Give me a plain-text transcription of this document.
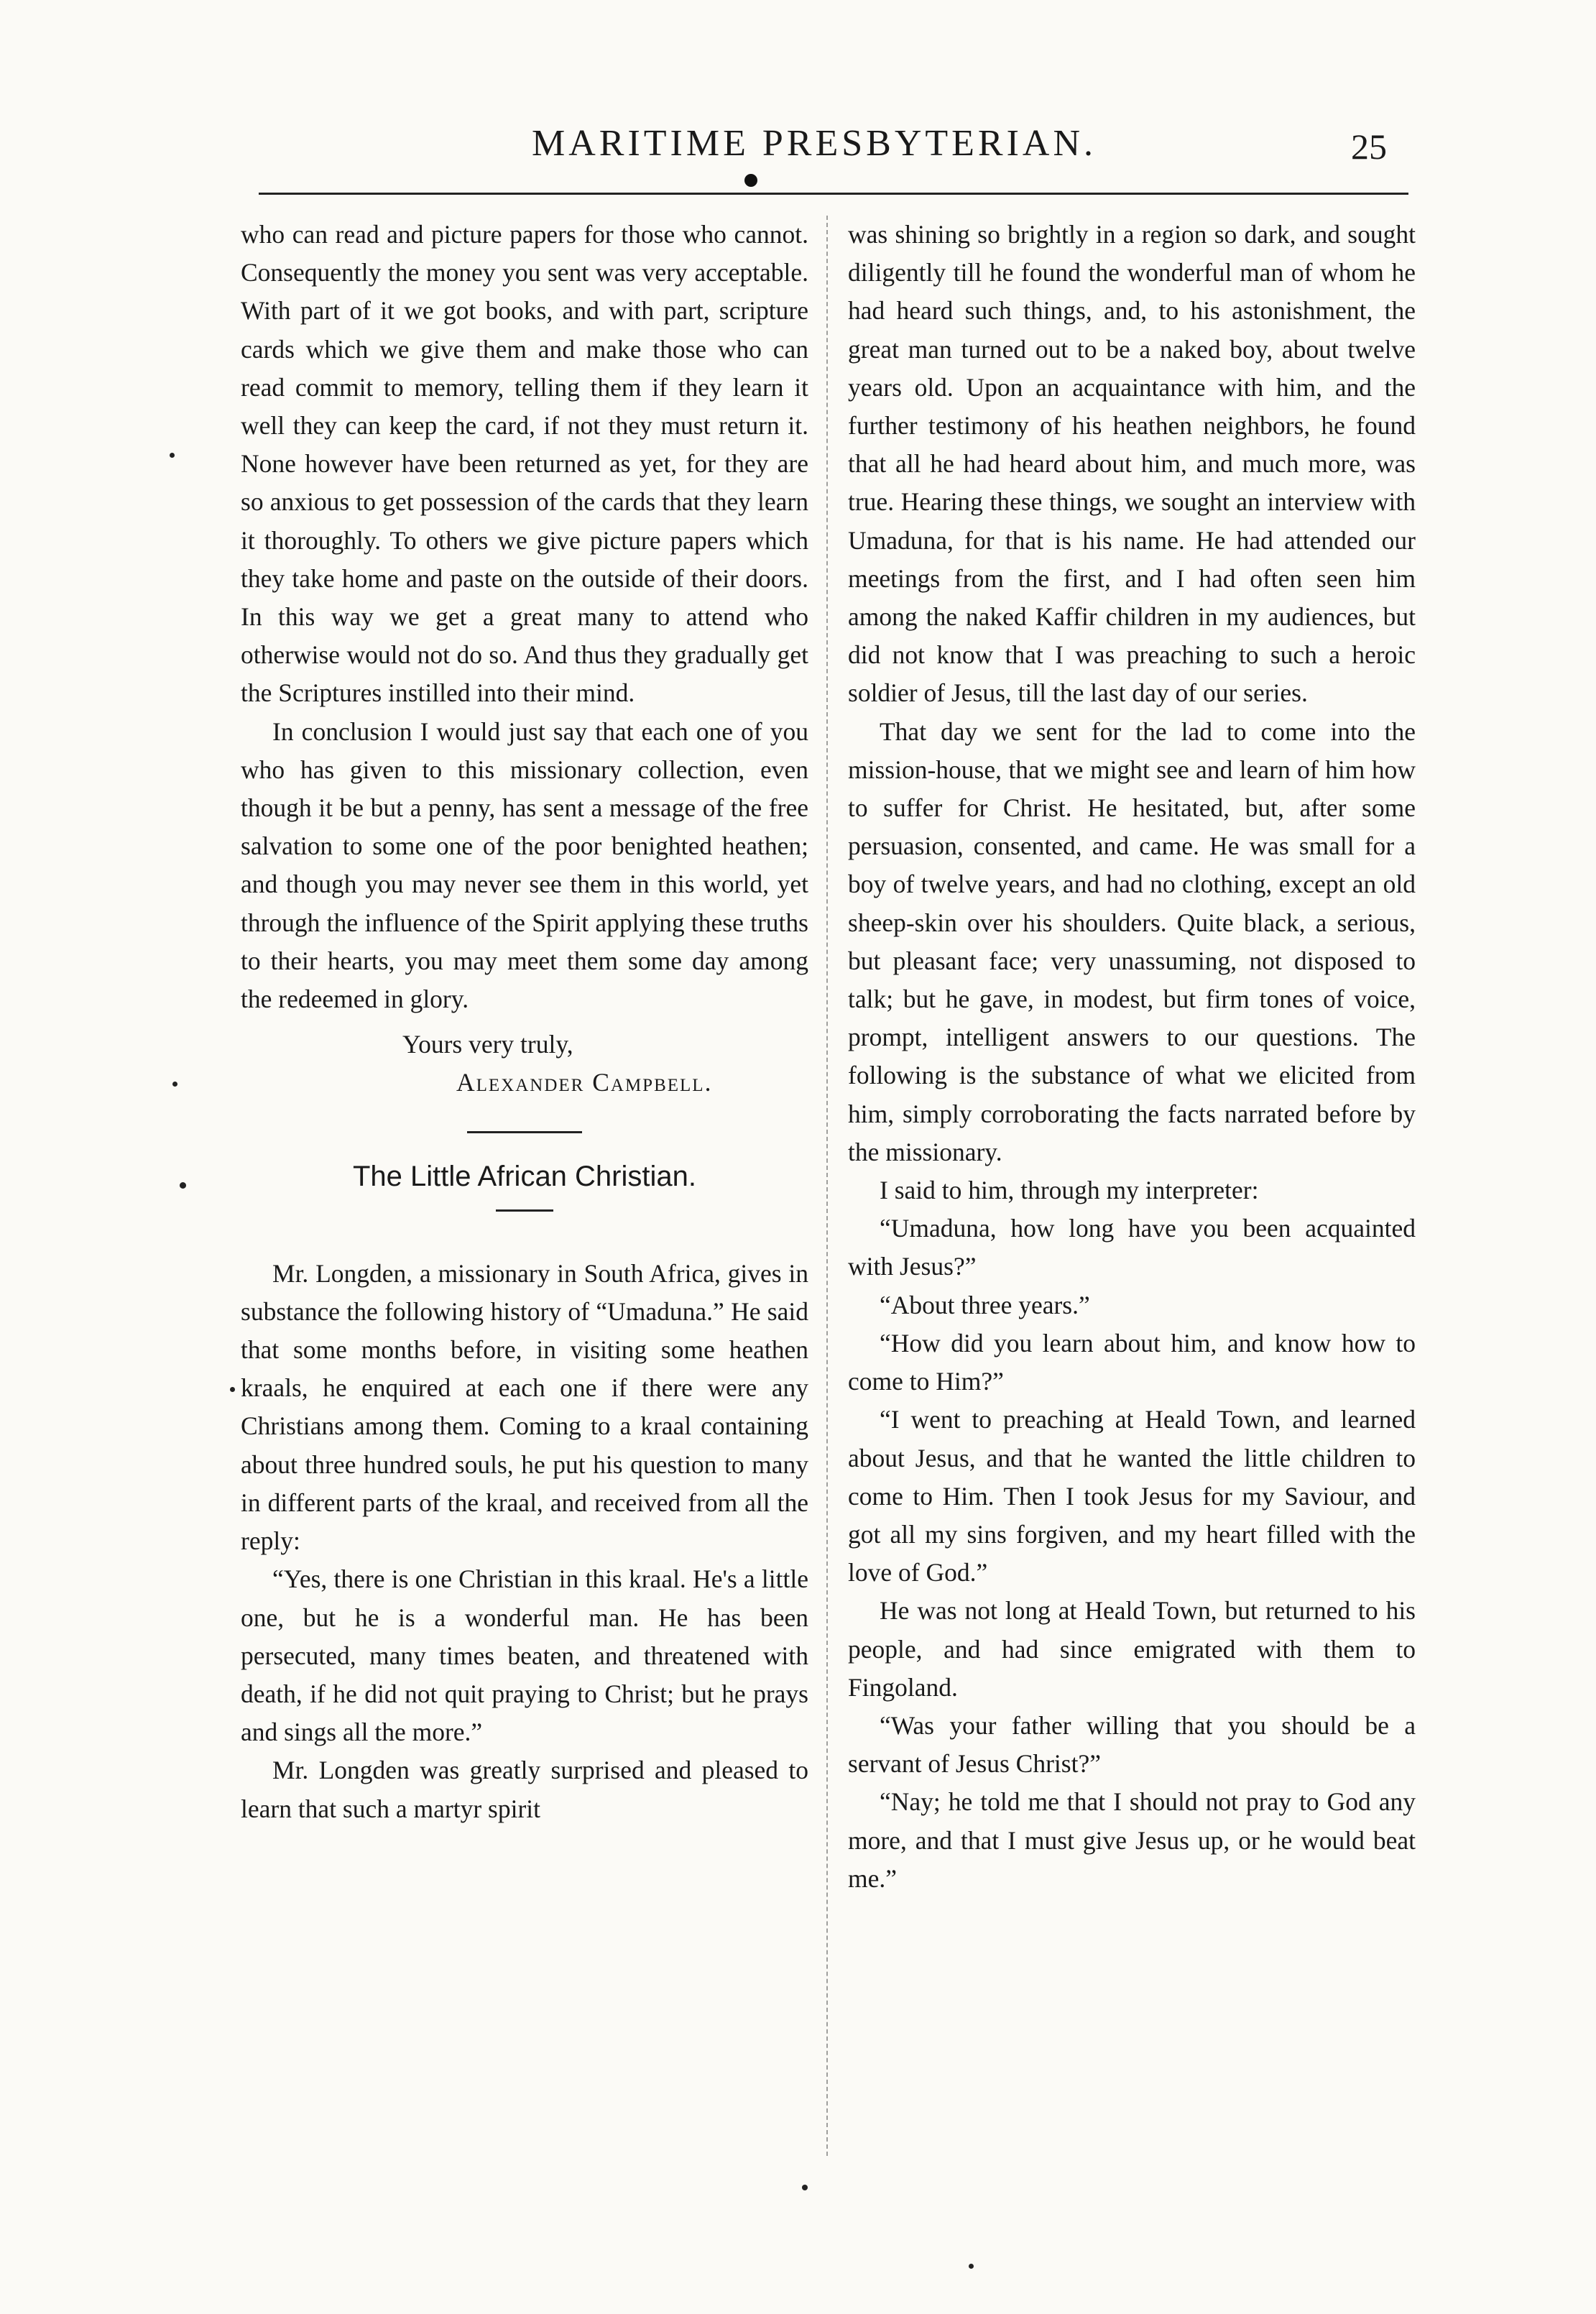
MARITIME PRESBYTERIAN.	25

who can read and picture papers for those who cannot. Consequently the money you sent was very acceptable. With part of it we got books, and with part, scripture cards which we give them and make those who can read commit to memory, telling them if they learn it well they can keep the card, if not they must return it. None however have been returned as yet, for they are so anxious to get possession of the cards that they learn it thoroughly. To others we give picture papers which they take home and paste on the outside of their doors. In this way we get a great many to attend who otherwise would not do so. And thus they gradually get the Scriptures instilled into their mind.

In conclusion I would just say that each one of you who has given to this missionary collection, even though it be but a penny, has sent a message of the free salvation to some one of the poor benighted heathen; and though you may never see them in this world, yet through the influence of the Spirit applying these truths to their hearts, you may meet them some day among the redeemed in glory.

Yours very truly,

Alexander Campbell.

The Little African Christian.

Mr. Longden, a missionary in South Africa, gives in substance the following history of “Umaduna.” He said that some months before, in visiting some heathen kraals, he enquired at each one if there were any Christians among them. Coming to a kraal containing about three hundred souls, he put his question to many in different parts of the kraal, and received from all the reply:

“Yes, there is one Christian in this kraal. He's a little one, but he is a wonderful man. He has been persecuted, many times beaten, and threatened with death, if he did not quit praying to Christ; but he prays and sings all the more.”

Mr. Longden was greatly surprised and pleased to learn that such a martyr spirit

was shining so brightly in a region so dark, and sought diligently till he found the wonderful man of whom he had heard such things, and, to his astonishment, the great man turned out to be a naked boy, about twelve years old. Upon an acquaintance with him, and the further testimony of his heathen neighbors, he found that all he had heard about him, and much more, was true. Hearing these things, we sought an interview with Umaduna, for that is his name. He had attended our meetings from the first, and I had often seen him among the naked Kaffir children in my audiences, but did not know that I was preaching to such a heroic soldier of Jesus, till the last day of our series.

That day we sent for the lad to come into the mission-house, that we might see and learn of him how to suffer for Christ. He hesitated, but, after some persuasion, consented, and came. He was small for a boy of twelve years, and had no clothing, except an old sheep-skin over his shoulders. Quite black, a serious, but pleasant face; very unassuming, not disposed to talk; but he gave, in modest, but firm tones of voice, prompt, intelligent answers to our questions. The following is the substance of what we elicited from him, simply corroborating the facts narrated before by the missionary.

I said to him, through my interpreter:

“Umaduna, how long have you been acquainted with Jesus?”

“About three years.”

“How did you learn about him, and know how to come to Him?”

“I went to preaching at Heald Town, and learned about Jesus, and that he wanted the little children to come to Him. Then I took Jesus for my Saviour, and got all my sins forgiven, and my heart filled with the love of God.”

He was not long at Heald Town, but returned to his people, and had since emigrated with them to Fingoland.

“Was your father willing that you should be a servant of Jesus Christ?”

“Nay; he told me that I should not pray to God any more, and that I must give Jesus up, or he would beat me.”
